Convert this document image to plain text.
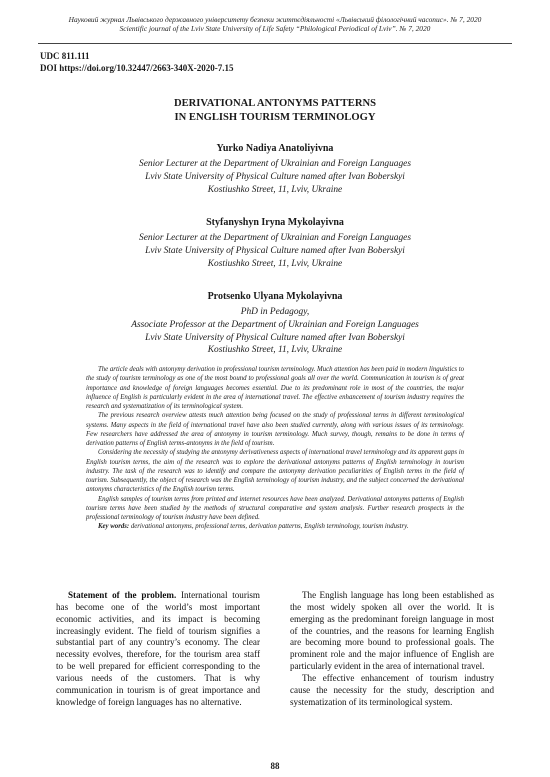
Науковий журнал Львівського державного університету безпеки життєдіяльності «Львівський філологічний часопис». № 7, 2020
Scientific journal of the Lviv State University of Life Safety “Philological Periodical of Lviv”. № 7, 2020
UDC 811.111
DOI https://doi.org/10.32447/2663-340X-2020-7.15
DERIVATIONAL ANTONYMS PATTERNS
IN ENGLISH TOURISM TERMINOLOGY
Yurko Nadiya Anatoliyivna
Senior Lecturer at the Department of Ukrainian and Foreign Languages
Lviv State University of Physical Culture named after Ivan Boberskyi
Kostiushko Street, 11, Lviv, Ukraine
Styfanyshyn Iryna Mykolayivna
Senior Lecturer at the Department of Ukrainian and Foreign Languages
Lviv State University of Physical Culture named after Ivan Boberskyi
Kostiushko Street, 11, Lviv, Ukraine
Protsenko Ulyana Mykolayivna
PhD in Pedagogy,
Associate Professor at the Department of Ukrainian and Foreign Languages
Lviv State University of Physical Culture named after Ivan Boberskyi
Kostiushko Street, 11, Lviv, Ukraine

The article deals with antonymy derivation in professional tourism terminology. Much attention has been paid in modern linguistics to the study of tourism terminology as one of the most bound to professional goals all over the world. Communication in tourism is of great importance and knowledge of foreign languages becomes essential. Due to its predominant role in most of the countries, the major influence of English is particularly evident in the area of international travel. The effective enhancement of tourism industry requires the research and systematization of its terminological system.

The previous research overview attests much attention being focused on the study of professional terms in different terminological systems. Many aspects in the field of international travel have also been studied currently, along with various issues of its terminology. Few researchers have addressed the area of antonymy in tourism terminology. Much survey, though, remains to be done in terms of derivation patterns of English terms-antonyms in the field of tourism.

Considering the necessity of studying the antonymy derivativeness aspects of international travel terminology and its apparent gaps in English tourism terms, the aim of the research was to explore the derivational antonyms patterns of English terminology in tourism industry. The task of the research was to identify and compare the antonymy derivation peculiarities of English terms in the field of tourism. Subsequently, the object of research was the English terminology of tourism industry, and the subject concerned the derivational antonyms characteristics of the English tourism terms.

English samples of tourism terms from printed and internet resources have been analyzed. Derivational antonyms patterns of English tourism terms have been studied by the methods of structural comparative and system analysis. Further research prospects in the professional terminology of tourism industry have been defined.

Key words: derivational antonyms, professional terms, derivation patterns, English terminology, tourism industry.

Statement of the problem. International tourism has become one of the world’s most important economic activities, and its impact is becoming increasingly evident. The field of tourism signifies a substantial part of any country’s economy. The clear necessity evolves, therefore, for the tourism area staff to be well prepared for efficient corresponding to the various needs of the customers. That is why communication in tourism is of great importance and knowledge of foreign languages has no alternative.

The English language has long been established as the most widely spoken all over the world. It is emerging as the predominant foreign language in most of the countries, and the reasons for learning English are becoming more bound to professional goals. The prominent role and the major influence of English are particularly evident in the area of international travel.

The effective enhancement of tourism industry cause the necessity for the study, description and systematization of its terminological system.

88
